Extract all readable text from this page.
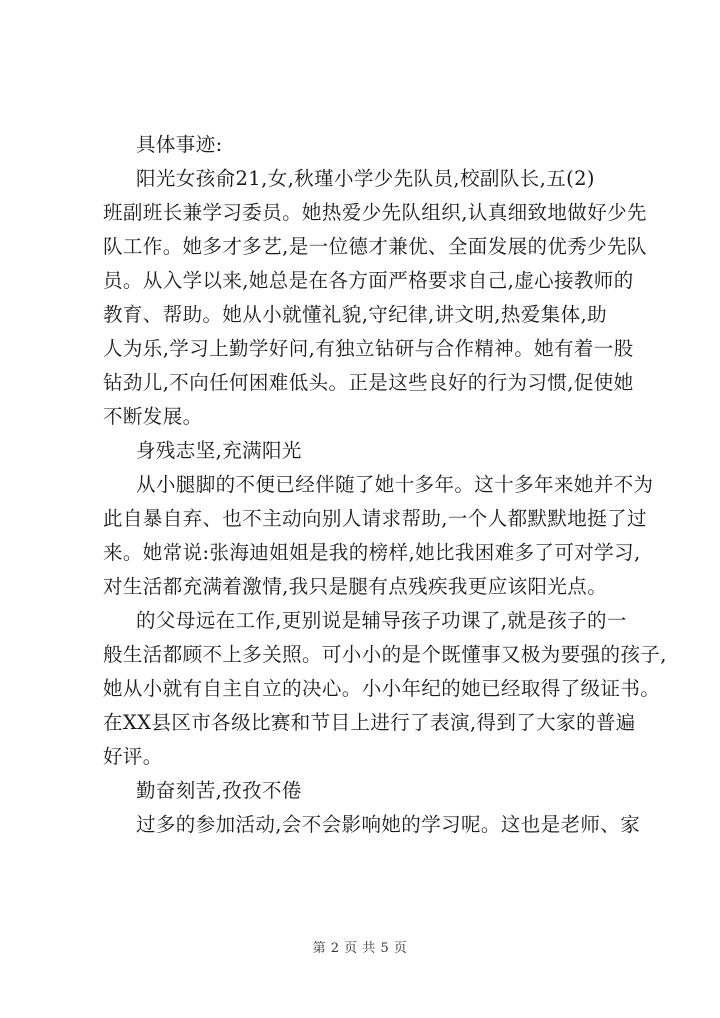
具体事迹:

阳光女孩俞21,女,秋瑾小学少先队员,校副队长,五(2)

班副班长兼学习委员。她热爱少先队组织,认真细致地做好少先

队工作。她多才多艺,是一位德才兼优、全面发展的优秀少先队

员。从入学以来,她总是在各方面严格要求自己,虚心接教师的

教育、帮助。她从小就懂礼貌,守纪律,讲文明,热爱集体,助

人为乐,学习上勤学好问,有独立钻研与合作精神。她有着一股

钻劲儿,不向任何困难低头。正是这些良好的行为习惯,促使她

不断发展。

身残志坚,充满阳光

从小腿脚的不便已经伴随了她十多年。这十多年来她并不为

此自暴自弃、也不主动向别人请求帮助,一个人都默默地挺了过

来。她常说:张海迪姐姐是我的榜样,她比我困难多了可对学习,

对生活都充满着激情,我只是腿有点残疾我更应该阳光点。

的父母远在工作,更别说是辅导孩子功课了,就是孩子的一

般生活都顾不上多关照。可小小的是个既懂事又极为要强的孩子,

她从小就有自主自立的决心。小小年纪的她已经取得了级证书。

在XX县区市各级比赛和节目上进行了表演,得到了大家的普遍

好评。

勤奋刻苦,孜孜不倦

过多的参加活动,会不会影响她的学习呢。这也是老师、家

第 2 页 共 5 页
